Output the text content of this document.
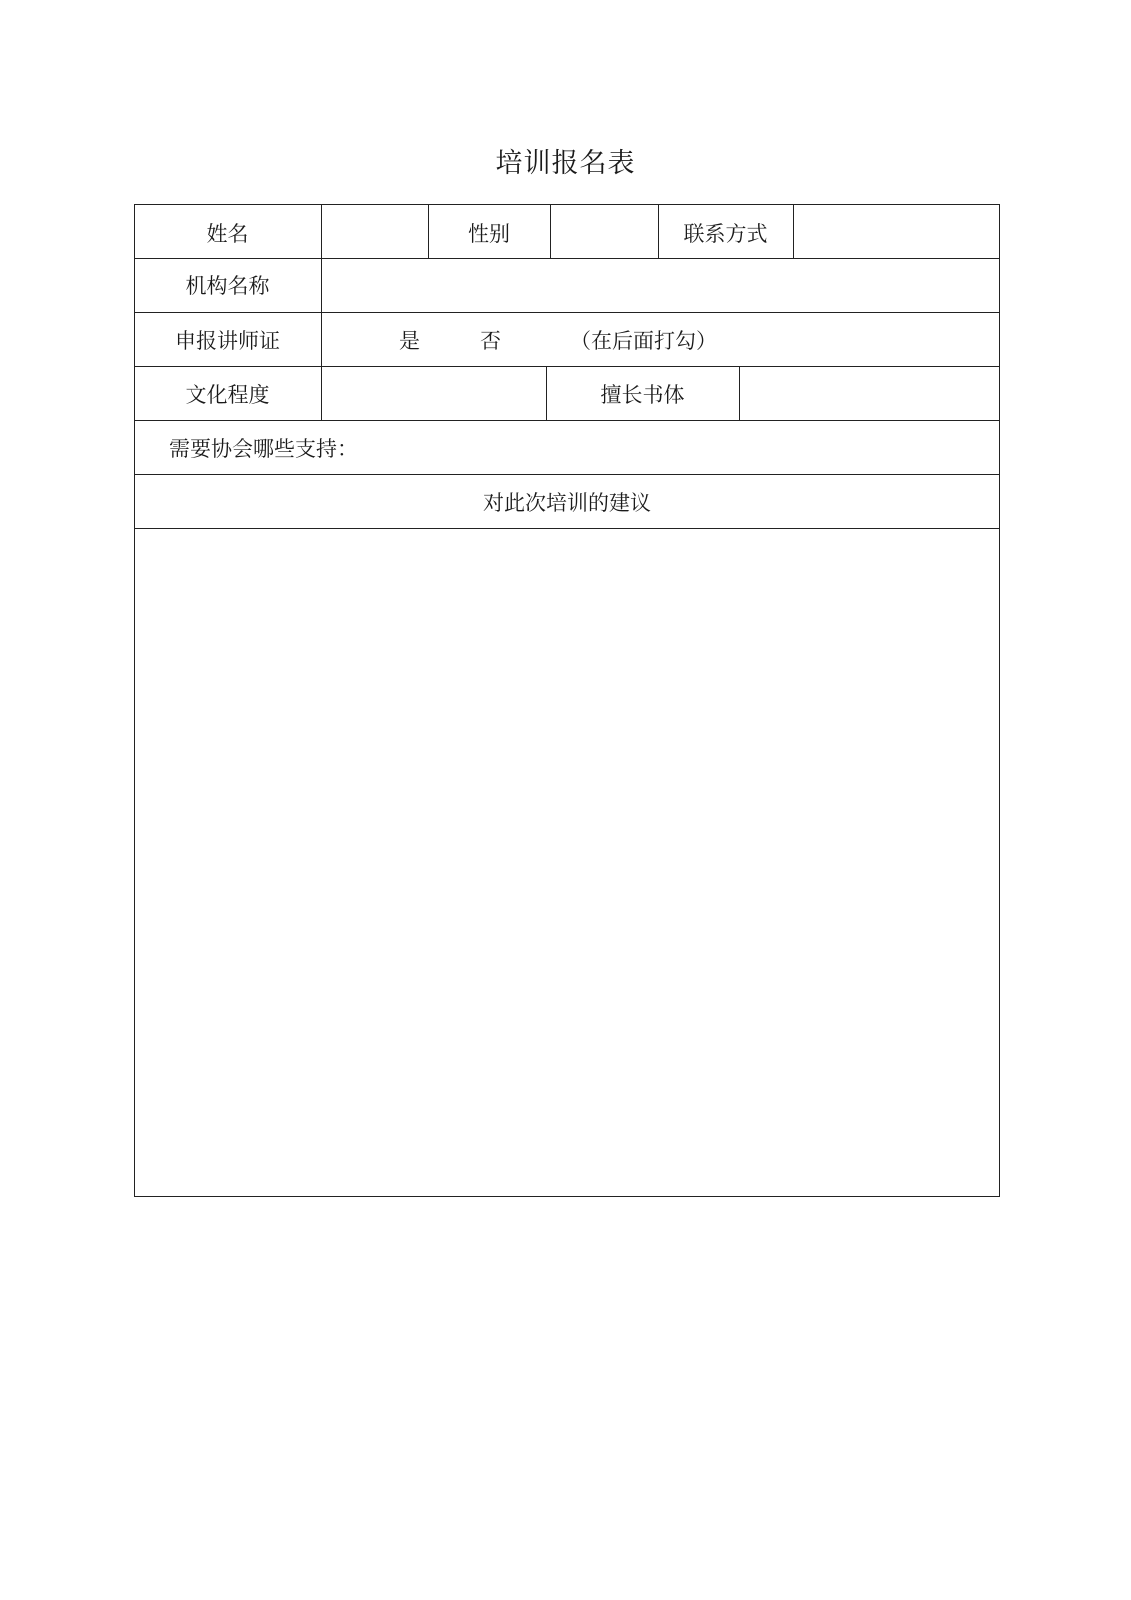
培训报名表
姓名	性别	联系方式
机构名称
申报讲师证	是	否	（在后面打勾）
文化程度	擅长书体
需要协会哪些支持：
对此次培训的建议
